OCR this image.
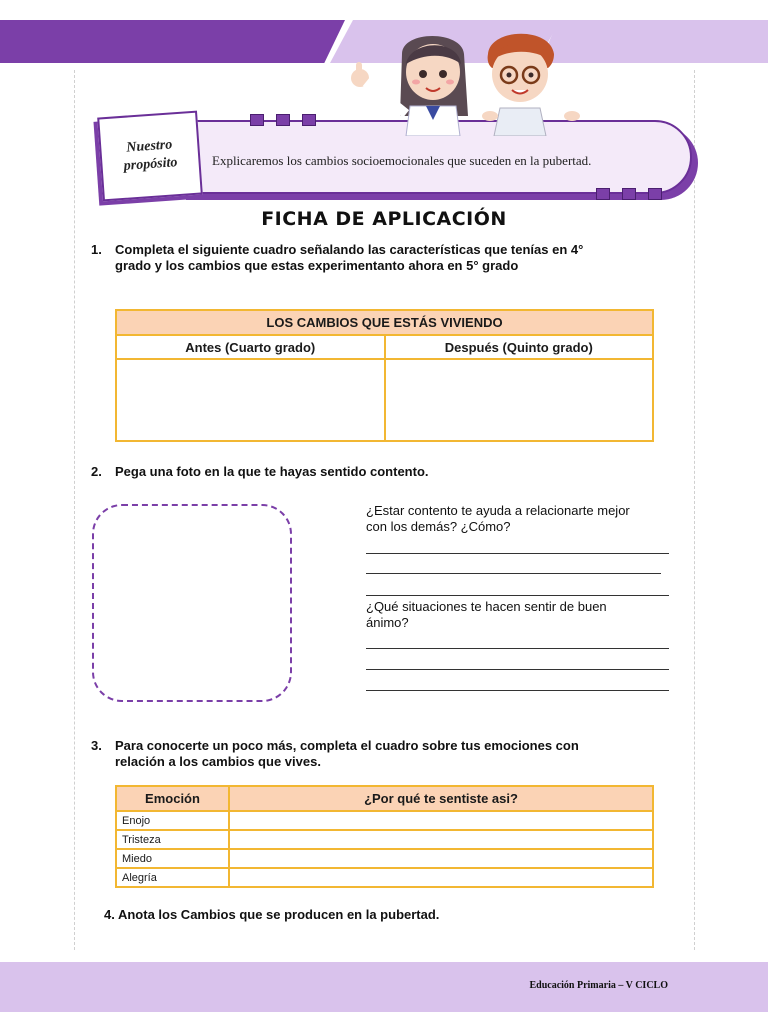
Explicaremos los cambios socioemocionales que suceden en la pubertad.
Nuestro
propósito
FICHA DE APLICACIÓN
1. Completa el siguiente cuadro señalando las características que tenías en 4°
grado y los cambios que estas experimentanto ahora en 5° grado
LOS CAMBIOS QUE ESTÁS VIVIENDO	
Antes (Cuarto grado)	Después (Quinto grado)

2. Pega una foto en la que te hayas sentido contento.
¿Estar contento te ayuda a relacionarte mejor
con los demás? ¿Cómo?
¿Qué situaciones te hacen sentir de buen
ánimo?
3. Para conocerte un poco más, completa el cuadro sobre tus emociones con
relación a los cambios que vives.
Emoción	¿Por qué te sentiste asi?
Enojo	
Tristeza	
Miedo	
Alegría	
4. Anota los Cambios que se producen en la pubertad.
Educación Primaria – V CICLO
